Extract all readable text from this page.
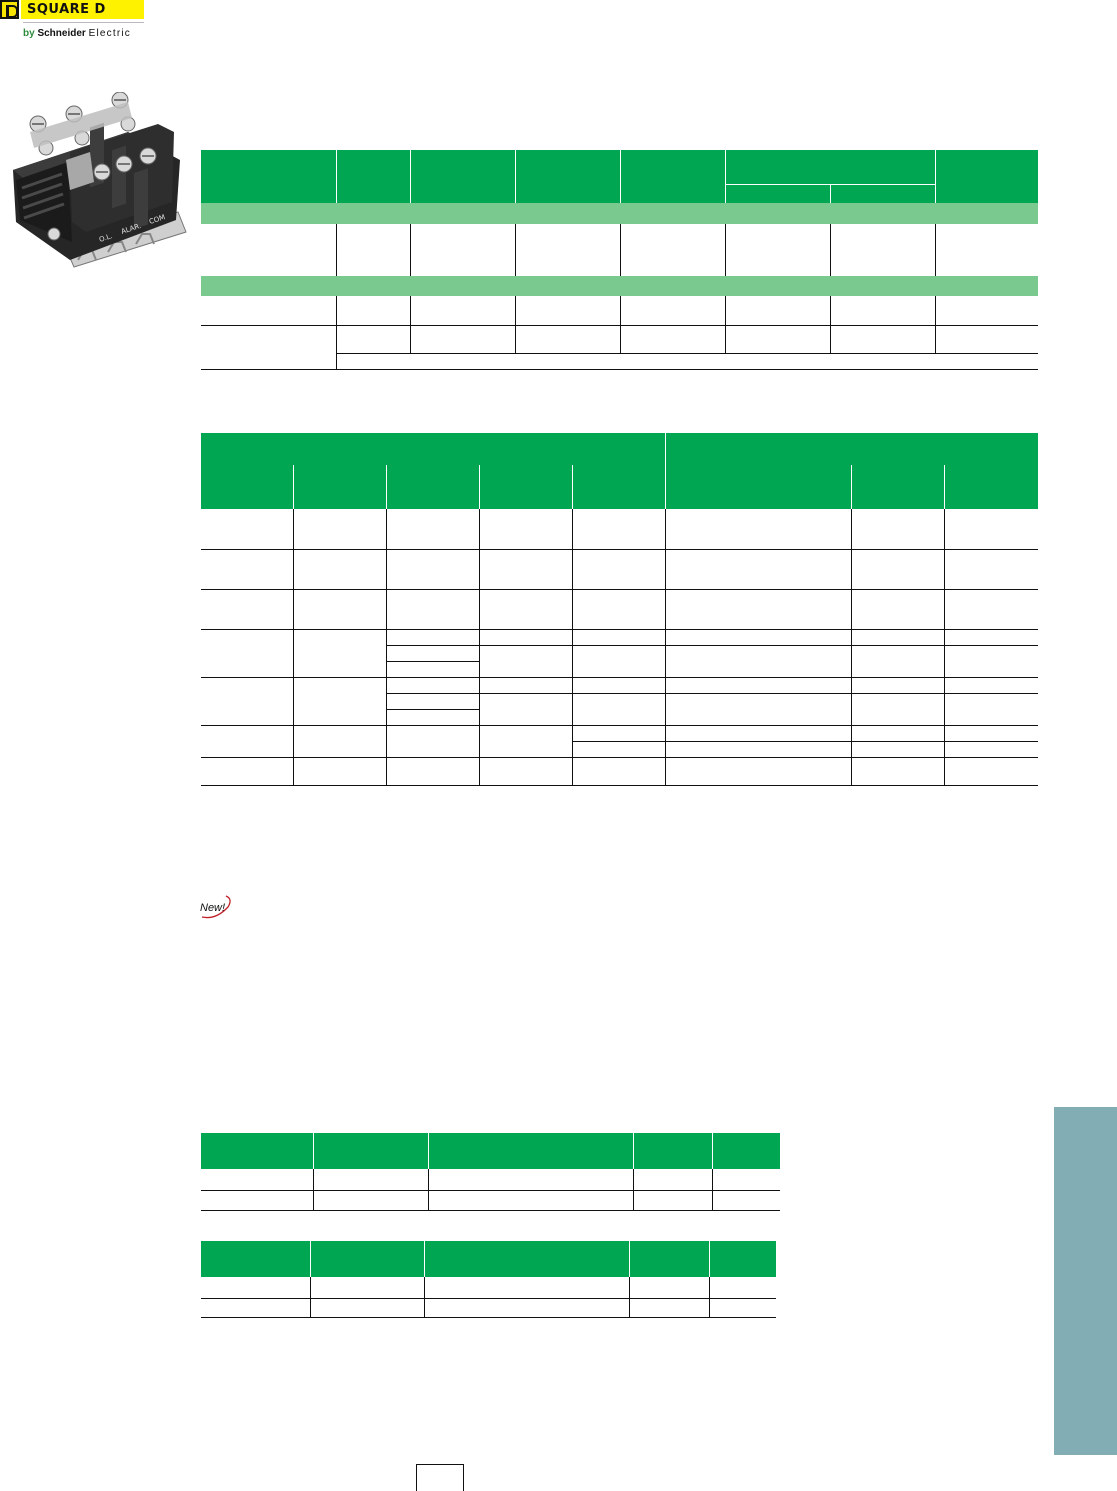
SQUARE D
by Schneider Electric
O.L.
ALAR.
COM

New!
